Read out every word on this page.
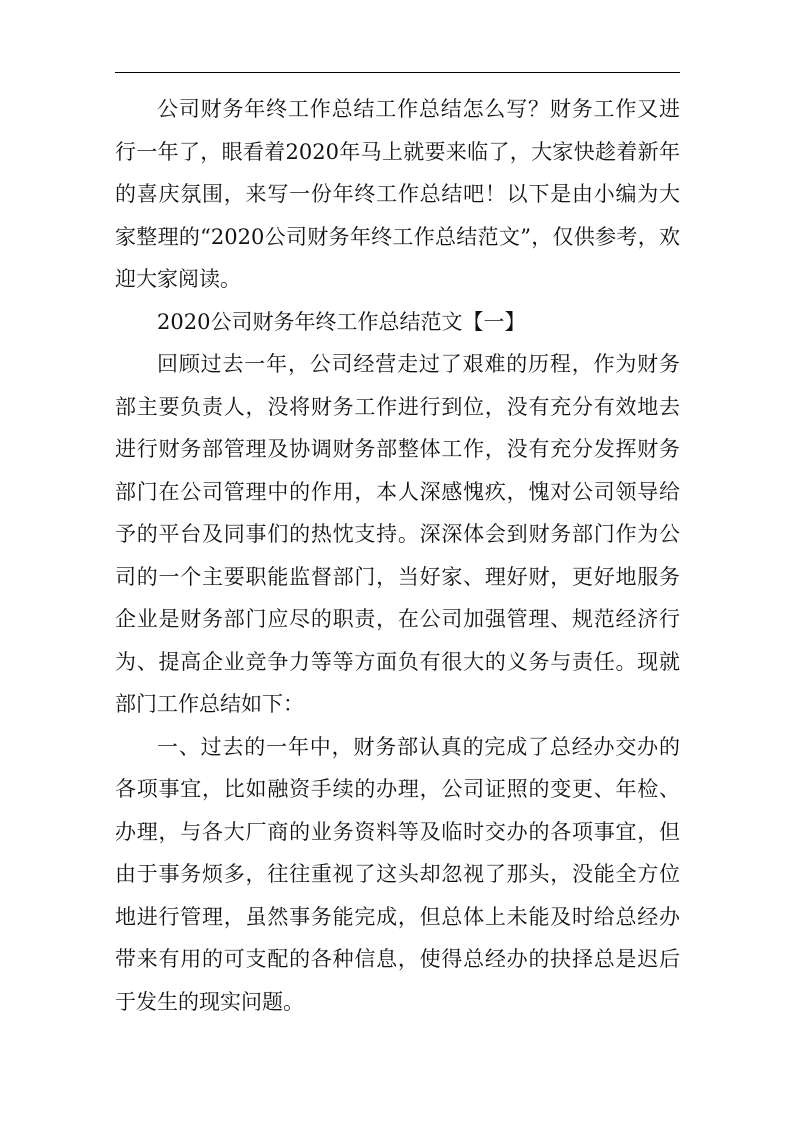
公司财务年终工作总结工作总结怎么写？财务工作又进行一年了，眼看着2020年马上就要来临了，大家快趁着新年的喜庆氛围，来写一份年终工作总结吧！以下是由小编为大家整理的“2020公司财务年终工作总结范文”，仅供参考，欢迎大家阅读。

2020公司财务年终工作总结范文【一】

回顾过去一年，公司经营走过了艰难的历程，作为财务部主要负责人，没将财务工作进行到位，没有充分有效地去进行财务部管理及协调财务部整体工作，没有充分发挥财务部门在公司管理中的作用，本人深感愧疚，愧对公司领导给予的平台及同事们的热忱支持。深深体会到财务部门作为公司的一个主要职能监督部门，当好家、理好财，更好地服务企业是财务部门应尽的职责，在公司加强管理、规范经济行为、提高企业竞争力等等方面负有很大的义务与责任。现就部门工作总结如下：

一、过去的一年中，财务部认真的完成了总经办交办的各项事宜，比如融资手续的办理，公司证照的变更、年检、办理，与各大厂商的业务资料等及临时交办的各项事宜，但由于事务烦多，往往重视了这头却忽视了那头，没能全方位地进行管理，虽然事务能完成，但总体上未能及时给总经办带来有用的可支配的各种信息，使得总经办的抉择总是迟后于发生的现实问题。
